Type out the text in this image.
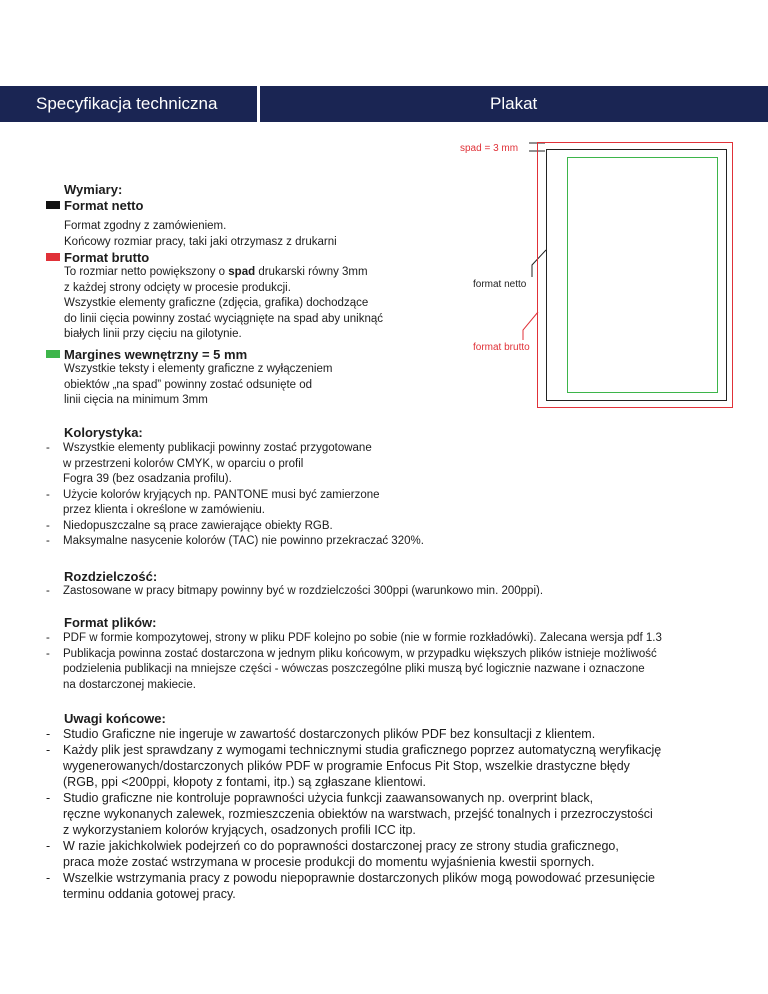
Specyfikacja techniczna	Plakat
spad = 3 mm
format netto
format brutto
Wymiary:
Format netto
Format zgodny z zamówieniem.
Końcowy rozmiar pracy, taki jaki otrzymasz z drukarni
Format brutto
To rozmiar netto powiększony o spad drukarski równy 3mm
z każdej strony odcięty w procesie produkcji.
Wszystkie elementy graficzne (zdjęcia, grafika) dochodzące
do linii cięcia powinny zostać wyciągnięte na spad aby uniknąć
białych linii przy cięciu na gilotynie.
Margines wewnętrzny = 5 mm
Wszystkie teksty i elementy graficzne z wyłączeniem
obiektów „na spad” powinny zostać odsunięte od
linii cięcia na minimum 3mm
Kolorystyka:
- Wszystkie elementy publikacji powinny zostać przygotowane
w przestrzeni kolorów CMYK, w oparciu o profil
Fogra 39 (bez osadzania profilu).
- Użycie kolorów kryjących np. PANTONE musi być zamierzone
przez klienta i określone w zamówieniu.
- Niedopuszczalne są prace zawierające obiekty RGB.
- Maksymalne nasycenie kolorów (TAC) nie powinno przekraczać 320%.
Rozdzielczość:
- Zastosowane w pracy bitmapy powinny być w rozdzielczości 300ppi (warunkowo min. 200ppi).
Format plików:
- PDF w formie kompozytowej, strony w pliku PDF kolejno po sobie (nie w formie rozkładówki). Zalecana wersja pdf 1.3
- Publikacja powinna zostać dostarczona w jednym pliku końcowym, w przypadku większych plików istnieje możliwość
podzielenia publikacji na mniejsze części - wówczas poszczególne pliki muszą być logicznie nazwane i oznaczone
na dostarczonej makiecie.
Uwagi końcowe:
- Studio Graficzne nie ingeruje w zawartość dostarczonych plików PDF bez konsultacji z klientem.
- Każdy plik jest sprawdzany z wymogami technicznymi studia graficznego poprzez automatyczną weryfikację
wygenerowanych/dostarczonych plików PDF w programie Enfocus Pit Stop, wszelkie drastyczne błędy
(RGB, ppi <200ppi, kłopoty z fontami, itp.) są zgłaszane klientowi.
- Studio graficzne nie kontroluje poprawności użycia funkcji zaawansowanych np. overprint black,
ręczne wykonanych zalewek, rozmieszczenia obiektów na warstwach, przejść tonalnych i przezroczystości
z wykorzystaniem kolorów kryjących, osadzonych profili ICC itp.
- W razie jakichkolwiek podejrzeń co do poprawności dostarczonej pracy ze strony studia graficznego,
praca może zostać wstrzymana w procesie produkcji do momentu wyjaśnienia kwestii spornych.
- Wszelkie wstrzymania pracy z powodu niepoprawnie dostarczonych plików mogą powodować przesunięcie
terminu oddania gotowej pracy.
